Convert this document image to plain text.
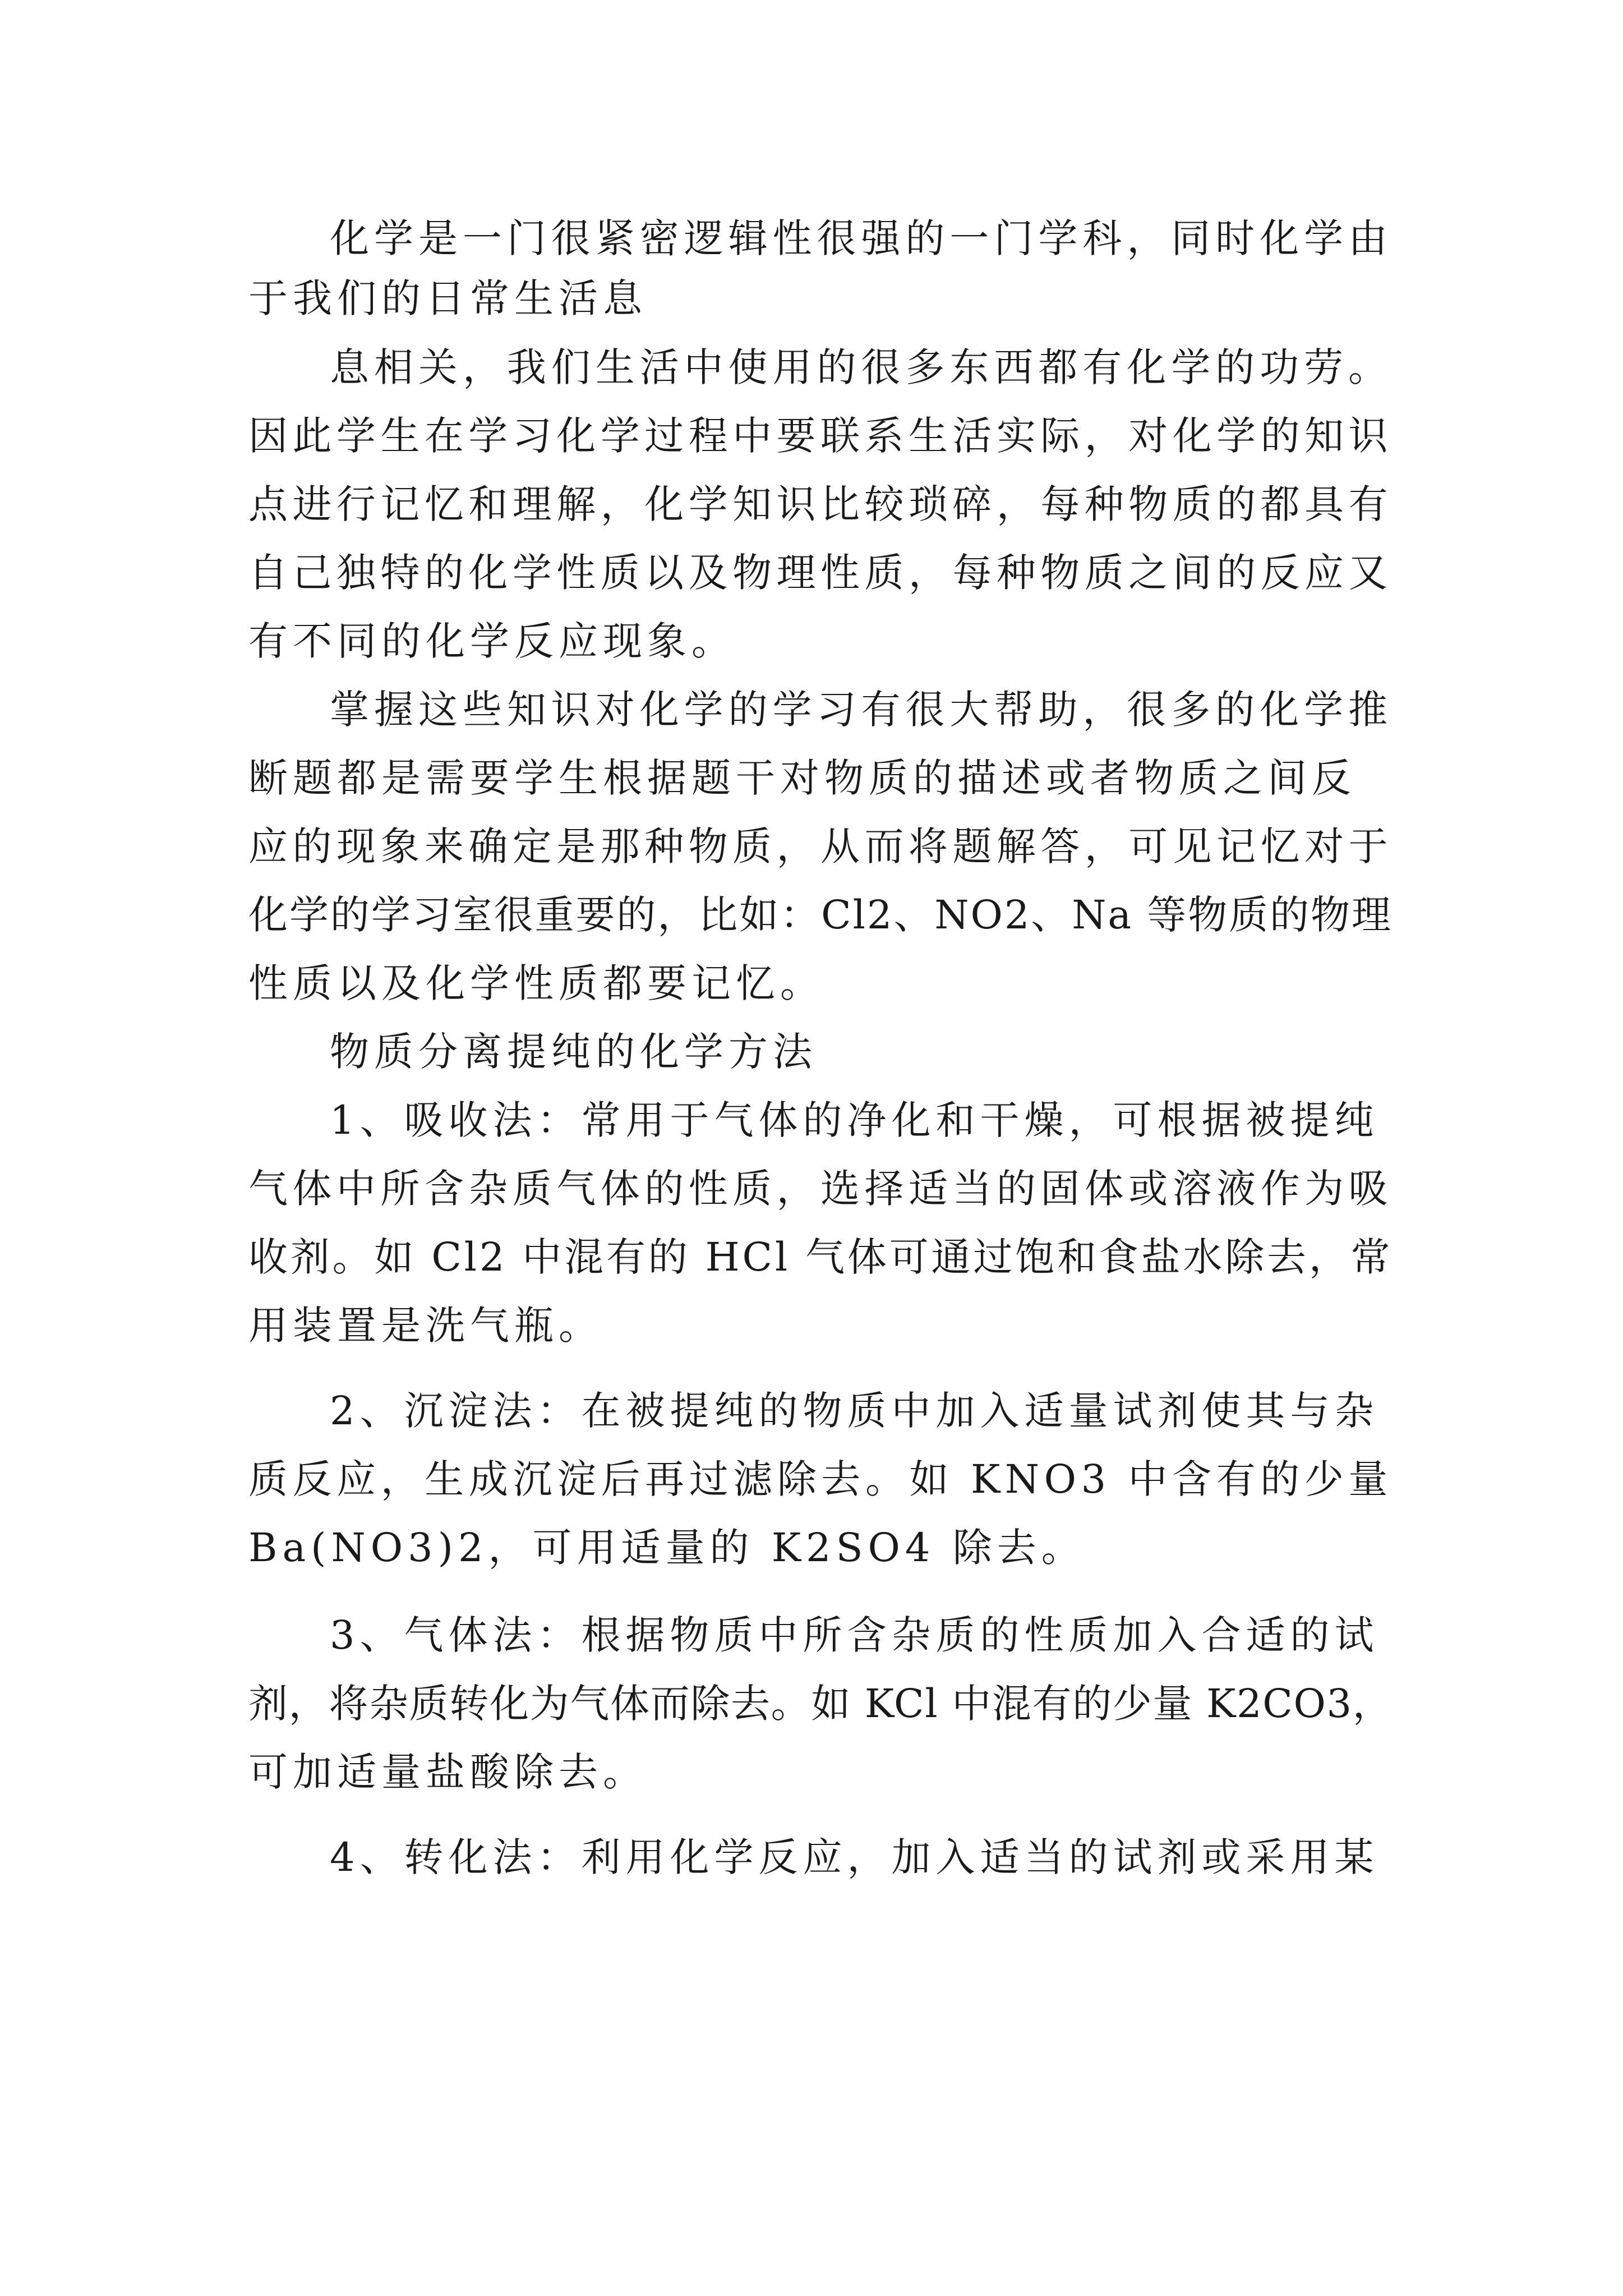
化学是一门很紧密逻辑性很强的一门学科，同时化学由
于我们的日常生活息
息相关，我们生活中使用的很多东西都有化学的功劳。
因此学生在学习化学过程中要联系生活实际，对化学的知识
点进行记忆和理解，化学知识比较琐碎，每种物质的都具有
自己独特的化学性质以及物理性质，每种物质之间的反应又
有不同的化学反应现象。
掌握这些知识对化学的学习有很大帮助，很多的化学推
断题都是需要学生根据题干对物质的描述或者物质之间反
应的现象来确定是那种物质，从而将题解答，可见记忆对于
化学的学习室很重要的，比如：Cl2、NO2、Na 等物质的物理
性质以及化学性质都要记忆。
物质分离提纯的化学方法
1、吸收法：常用于气体的净化和干燥，可根据被提纯
气体中所含杂质气体的性质，选择适当的固体或溶液作为吸
收剂。如 Cl2 中混有的 HCl 气体可通过饱和食盐水除去，常
用装置是洗气瓶。
2、沉淀法：在被提纯的物质中加入适量试剂使其与杂
质反应，生成沉淀后再过滤除去。如 KNO3 中含有的少量
Ba(NO3)2，可用适量的 K2SO4 除去。
3、气体法：根据物质中所含杂质的性质加入合适的试
剂，将杂质转化为气体而除去。如 KCl 中混有的少量 K2CO3，
可加适量盐酸除去。
4、转化法：利用化学反应，加入适当的试剂或采用某
